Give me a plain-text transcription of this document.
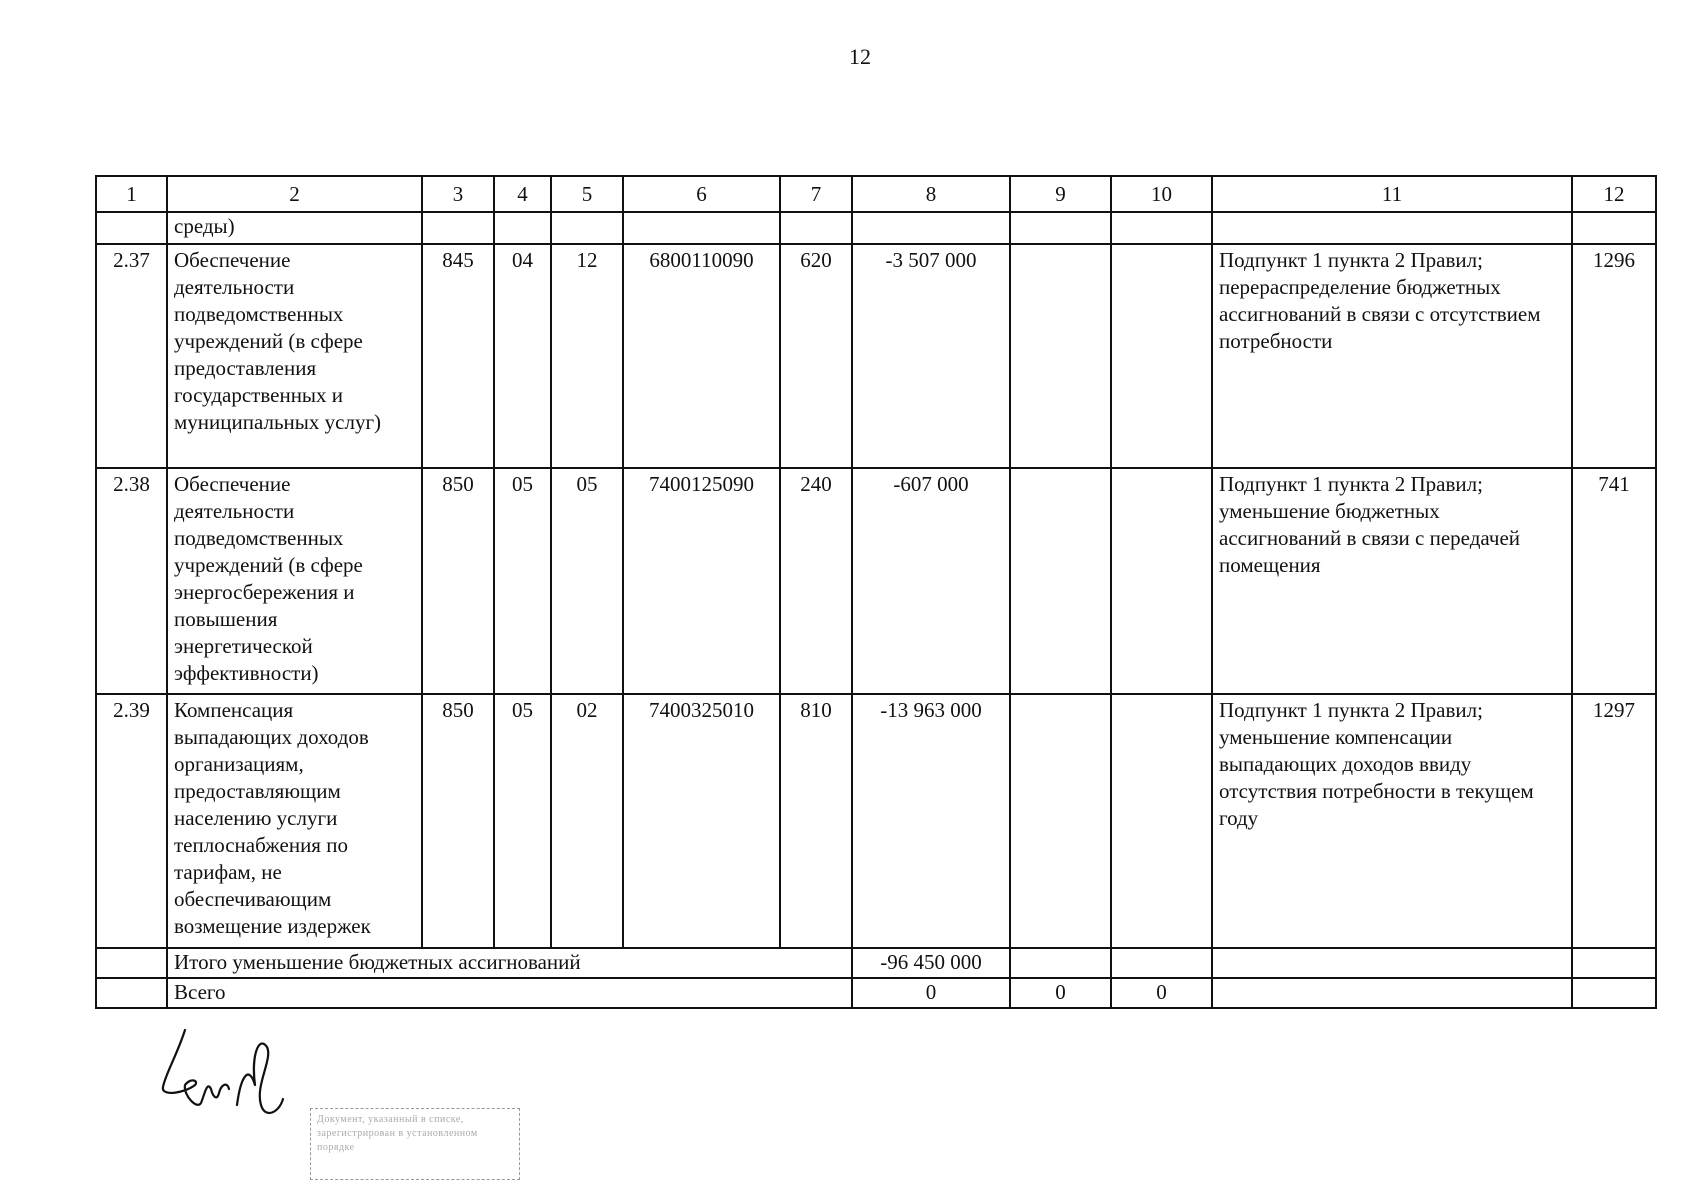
12
1	2	3	4	5	6	7	8	9	10	11	12
	среды)										
2.37	Обеспечение деятельности подведомственных учреждений (в сфере предоставления государственных и муниципальных услуг)	845	04	12	6800110090	620	-3 507 000			Подпункт 1 пункта 2 Правил; перераспределение бюджетных ассигнований в связи с отсутствием потребности	1296
2.38	Обеспечение деятельности подведомственных учреждений (в сфере энергосбережения и повышения энергетической эффективности)	850	05	05	7400125090	240	-607 000			Подпункт 1 пункта 2 Правил; уменьшение бюджетных ассигнований в связи с передачей помещения	741
2.39	Компенсация выпадающих доходов организациям, предоставляющим населению услуги теплоснабжения по тарифам, не обеспечивающим возмещение издержек	850	05	02	7400325010	810	-13 963 000			Подпункт 1 пункта 2 Правил; уменьшение компенсации выпадающих доходов ввиду отсутствия потребности в текущем году	1297
	Итого уменьшение бюджетных ассигнований						-96 450 000				
	Всего						0	0	0		
Документ, указанный в списке, зарегистрирован в установленном порядке
